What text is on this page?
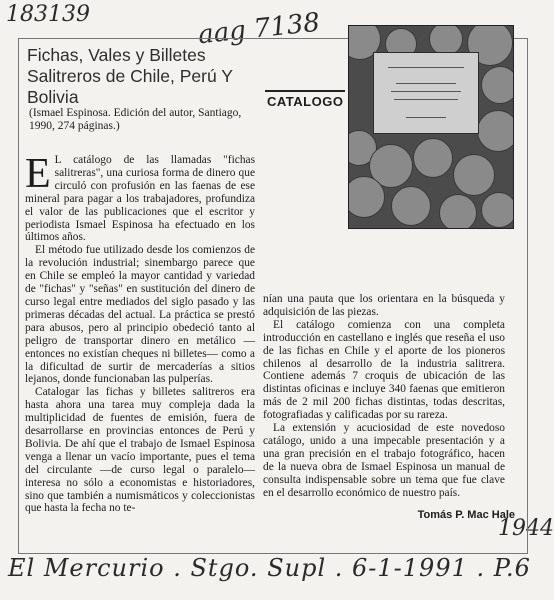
183139	aag 7138
1944
El Mercurio . Stgo. Supl . 6-1-1991 . P.6
Fichas, Vales y Billetes Salitreros de Chile, Perú Y Bolivia
(Ismael Espinosa. Edición del autor, Santiago, 1990, 274 páginas.)
CATALOGO

E L catálogo de las llamadas "fichas salitreras", una curiosa forma de dinero que circuló con profusión en las faenas de ese mineral para pagar a los trabajadores, profundiza el valor de las publicaciones que el escritor y periodista Ismael Espinosa ha efectuado en los últimos años.

El método fue utilizado desde los comienzos de la revolución industrial; sinembargo parece que en Chile se empleó la mayor cantidad y variedad de "fichas" y "señas" en sustitución del dinero de curso legal entre mediados del siglo pasado y las primeras décadas del actual. La práctica se prestó para abusos, pero al principio obedeció tanto al peligro de transportar dinero en metálico —entonces no existían cheques ni billetes— como a la dificultad de surtir de mercaderías a sitios lejanos, donde funcionaban las pulperías.

Catalogar las fichas y billetes salitreros era hasta ahora una tarea muy compleja dada la multiplicidad de fuentes de emisión, fuera de desarrollarse en provincias entonces de Perú y Bolivia. De ahí que el trabajo de Ismael Espinosa venga a llenar un vacío importante, pues el tema del circulante —de curso legal o paralelo— interesa no sólo a economistas e historiadores, sino que también a numismáticos y coleccionistas que hasta la fecha no te-

nían una pauta que los orientara en la búsqueda y adquisición de las piezas.

El catálogo comienza con una completa introducción en castellano e inglés que reseña el uso de las fichas en Chile y el aporte de los pioneros chilenos al desarrollo de la industria salitrera. Contiene además 7 croquis de ubicación de las distintas oficinas e incluye 340 faenas que emitieron más de 2 mil 200 fichas distintas, todas descritas, fotografiadas y calificadas por su rareza.

La extensión y acuciosidad de este novedoso catálogo, unido a una impecable presentación y a una gran precisión en el trabajo fotográfico, hacen de la nueva obra de Ismael Espinosa un manual de consulta indispensable sobre un tema que fue clave en el desarrollo económico de nuestro país.

Tomás P. Mac Hale
